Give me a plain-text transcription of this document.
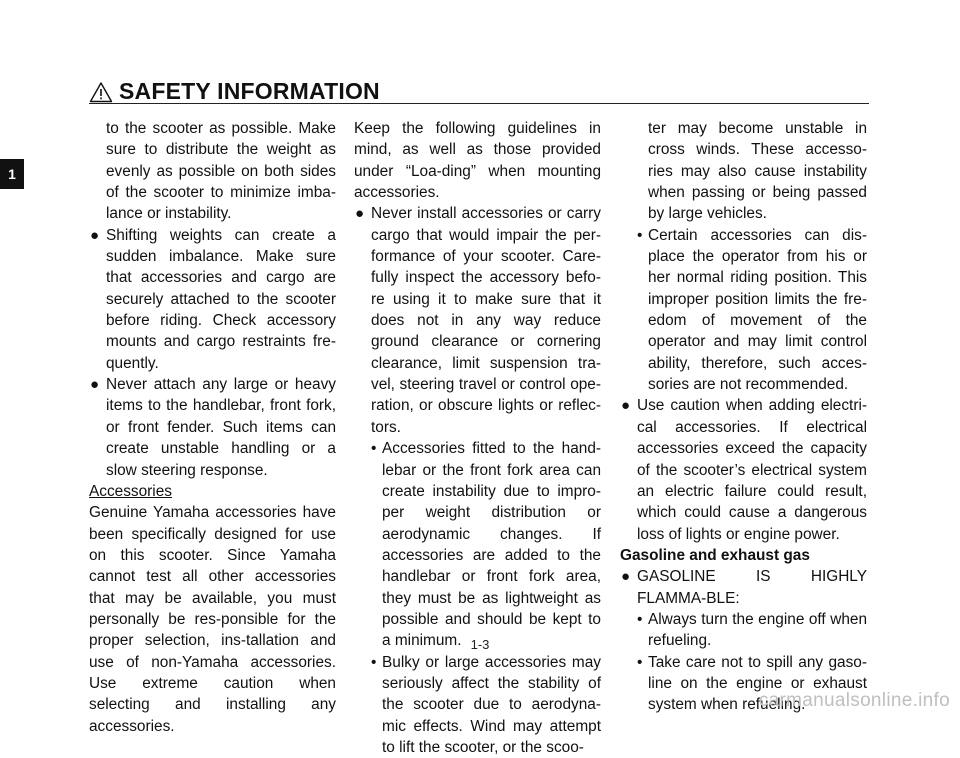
SAFETY INFORMATION
1

to the scooter as possible. Make sure to distribute the weight as evenly as possible on both sides of the scooter to minimize imba-lance or instability.

● Shifting weights can create a sudden imbalance. Make sure that accessories and cargo are securely attached to the scooter before riding. Check accessory mounts and cargo restraints fre-quently.
● Never attach any large or heavy items to the handlebar, front fork, or front fender. Such items can create unstable handling or a slow steering response.

Accessories

Genuine Yamaha accessories have been specifically designed for use on this scooter. Since Yamaha cannot test all other accessories that may be available, you must personally be res-ponsible for the proper selection, ins-tallation and use of non-Yamaha accessories. Use extreme caution when selecting and installing any accessories.

Keep the following guidelines in mind, as well as those provided under “Loa-ding” when mounting accessories.

● Never install accessories or carry cargo that would impair the per-formance of your scooter. Care-fully inspect the accessory befo-re using it to make sure that it does not in any way reduce ground clearance or cornering clearance, limit suspension tra-vel, steering travel or control ope-ration, or obscure lights or reflec-tors.
• Accessories fitted to the hand-lebar or the front fork area can create instability due to impro-per weight distribution or aerodynamic changes. If accessories are added to the handlebar or front fork area, they must be as lightweight as possible and should be kept to a minimum.
• Bulky or large accessories may seriously affect the stability of the scooter due to aerodyna-mic effects. Wind may attempt to lift the scooter, or the scoo-

ter may become unstable in cross winds. These accesso-ries may also cause instability when passing or being passed by large vehicles.

• Certain accessories can dis-place the operator from his or her normal riding position. This improper position limits the fre-edom of movement of the operator and may limit control ability, therefore, such acces-sories are not recommended.
● Use caution when adding electri-cal accessories. If electrical accessories exceed the capacity of the scooter’s electrical system an electric failure could result, which could cause a dangerous loss of lights or engine power.

Gasoline and exhaust gas

● GASOLINE IS HIGHLY FLAMMA-BLE:
• Always turn the engine off when refueling.
• Take care not to spill any gaso-line on the engine or exhaust system when refueling.
1-3
carmanualsonline.info
